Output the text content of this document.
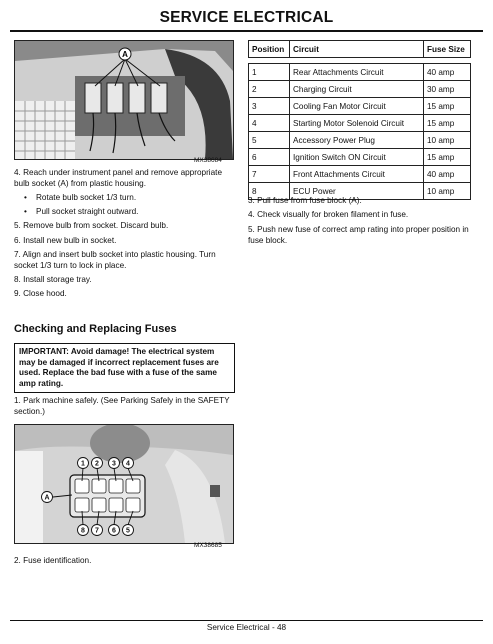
SERVICE ELECTRICAL
A
MX38684
4. Reach under instrument panel and remove appropriate bulb socket (A) from plastic housing.
• Rotate bulb socket 1/3 turn.
• Pull socket straight outward.
5. Remove bulb from socket. Discard bulb.
6. Install new bulb in socket.
7. Align and insert bulb socket into plastic housing. Turn socket 1/3 turn to lock in place.
8. Install storage tray.
9. Close hood.
Checking and Replacing Fuses
IMPORTANT: Avoid damage! The electrical system may be damaged if incorrect replacement fuses are used. Replace the bad fuse with a fuse of the same amp rating.
1. Park machine safely. (See Parking Safely in the SAFETY section.)
1 2 3 4
8 7 6 5
A
MX38685
2. Fuse identification.
Position	Circuit	Fuse Size

1	Rear Attachments Circuit	40 amp
2	Charging Circuit	30 amp
3	Cooling Fan Motor Circuit	15 amp
4	Starting Motor Solenoid Circuit	15 amp
5	Accessory Power Plug	10 amp
6	Ignition Switch ON Circuit	15 amp
7	Front Attachments Circuit	40 amp
8	ECU Power	10 amp
3. Pull fuse from fuse block (A).
4. Check visually for broken filament in fuse.
5. Push new fuse of correct amp rating into proper position in fuse block.
Service Electrical - 48
